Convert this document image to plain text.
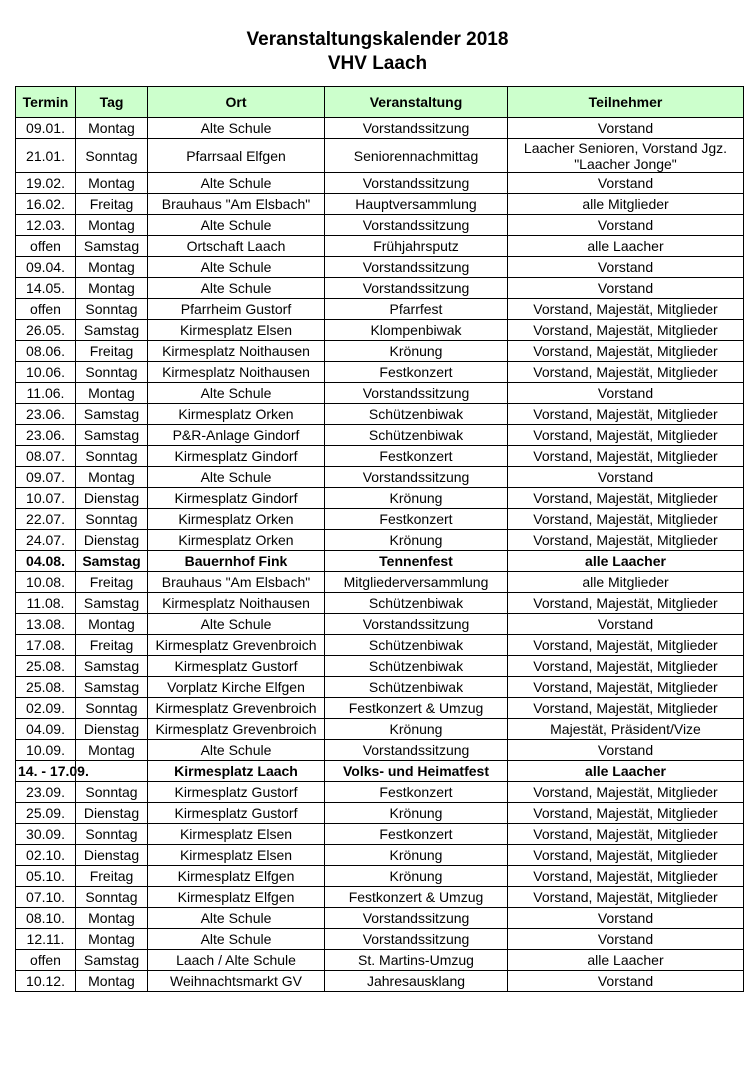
Veranstaltungskalender 2018
VHV Laach
Termin	Tag	Ort	Veranstaltung	Teilnehmer
09.01.	Montag	Alte Schule	Vorstandssitzung	Vorstand
21.01.	Sonntag	Pfarrsaal Elfgen	Seniorennachmittag	Laacher Senioren, Vorstand Jgz. "Laacher Jonge"
19.02.	Montag	Alte Schule	Vorstandssitzung	Vorstand
16.02.	Freitag	Brauhaus "Am Elsbach"	Hauptversammlung	alle Mitglieder
12.03.	Montag	Alte Schule	Vorstandssitzung	Vorstand
offen	Samstag	Ortschaft Laach	Frühjahrsputz	alle Laacher
09.04.	Montag	Alte Schule	Vorstandssitzung	Vorstand
14.05.	Montag	Alte Schule	Vorstandssitzung	Vorstand
offen	Sonntag	Pfarrheim Gustorf	Pfarrfest	Vorstand, Majestät, Mitglieder
26.05.	Samstag	Kirmesplatz Elsen	Klompenbiwak	Vorstand, Majestät, Mitglieder
08.06.	Freitag	Kirmesplatz Noithausen	Krönung	Vorstand, Majestät, Mitglieder
10.06.	Sonntag	Kirmesplatz Noithausen	Festkonzert	Vorstand, Majestät, Mitglieder
11.06.	Montag	Alte Schule	Vorstandssitzung	Vorstand
23.06.	Samstag	Kirmesplatz Orken	Schützenbiwak	Vorstand, Majestät, Mitglieder
23.06.	Samstag	P&R-Anlage Gindorf	Schützenbiwak	Vorstand, Majestät, Mitglieder
08.07.	Sonntag	Kirmesplatz Gindorf	Festkonzert	Vorstand, Majestät, Mitglieder
09.07.	Montag	Alte Schule	Vorstandssitzung	Vorstand
10.07.	Dienstag	Kirmesplatz Gindorf	Krönung	Vorstand, Majestät, Mitglieder
22.07.	Sonntag	Kirmesplatz Orken	Festkonzert	Vorstand, Majestät, Mitglieder
24.07.	Dienstag	Kirmesplatz Orken	Krönung	Vorstand, Majestät, Mitglieder
04.08.	Samstag	Bauernhof Fink	Tennenfest	alle Laacher
10.08.	Freitag	Brauhaus "Am Elsbach"	Mitgliederversammlung	alle Mitglieder
11.08.	Samstag	Kirmesplatz Noithausen	Schützenbiwak	Vorstand, Majestät, Mitglieder
13.08.	Montag	Alte Schule	Vorstandssitzung	Vorstand
17.08.	Freitag	Kirmesplatz Grevenbroich	Schützenbiwak	Vorstand, Majestät, Mitglieder
25.08.	Samstag	Kirmesplatz Gustorf	Schützenbiwak	Vorstand, Majestät, Mitglieder
25.08.	Samstag	Vorplatz Kirche Elfgen	Schützenbiwak	Vorstand, Majestät, Mitglieder
02.09.	Sonntag	Kirmesplatz Grevenbroich	Festkonzert & Umzug	Vorstand, Majestät, Mitglieder
04.09.	Dienstag	Kirmesplatz Grevenbroich	Krönung	Majestät, Präsident/Vize
10.09.	Montag	Alte Schule	Vorstandssitzung	Vorstand
14. - 17.09.		Kirmesplatz Laach	Volks- und Heimatfest	alle Laacher
23.09.	Sonntag	Kirmesplatz Gustorf	Festkonzert	Vorstand, Majestät, Mitglieder
25.09.	Dienstag	Kirmesplatz Gustorf	Krönung	Vorstand, Majestät, Mitglieder
30.09.	Sonntag	Kirmesplatz Elsen	Festkonzert	Vorstand, Majestät, Mitglieder
02.10.	Dienstag	Kirmesplatz Elsen	Krönung	Vorstand, Majestät, Mitglieder
05.10.	Freitag	Kirmesplatz Elfgen	Krönung	Vorstand, Majestät, Mitglieder
07.10.	Sonntag	Kirmesplatz Elfgen	Festkonzert & Umzug	Vorstand, Majestät, Mitglieder
08.10.	Montag	Alte Schule	Vorstandssitzung	Vorstand
12.11.	Montag	Alte Schule	Vorstandssitzung	Vorstand
offen	Samstag	Laach / Alte Schule	St. Martins-Umzug	alle Laacher
10.12.	Montag	Weihnachtsmarkt GV	Jahresausklang	Vorstand
